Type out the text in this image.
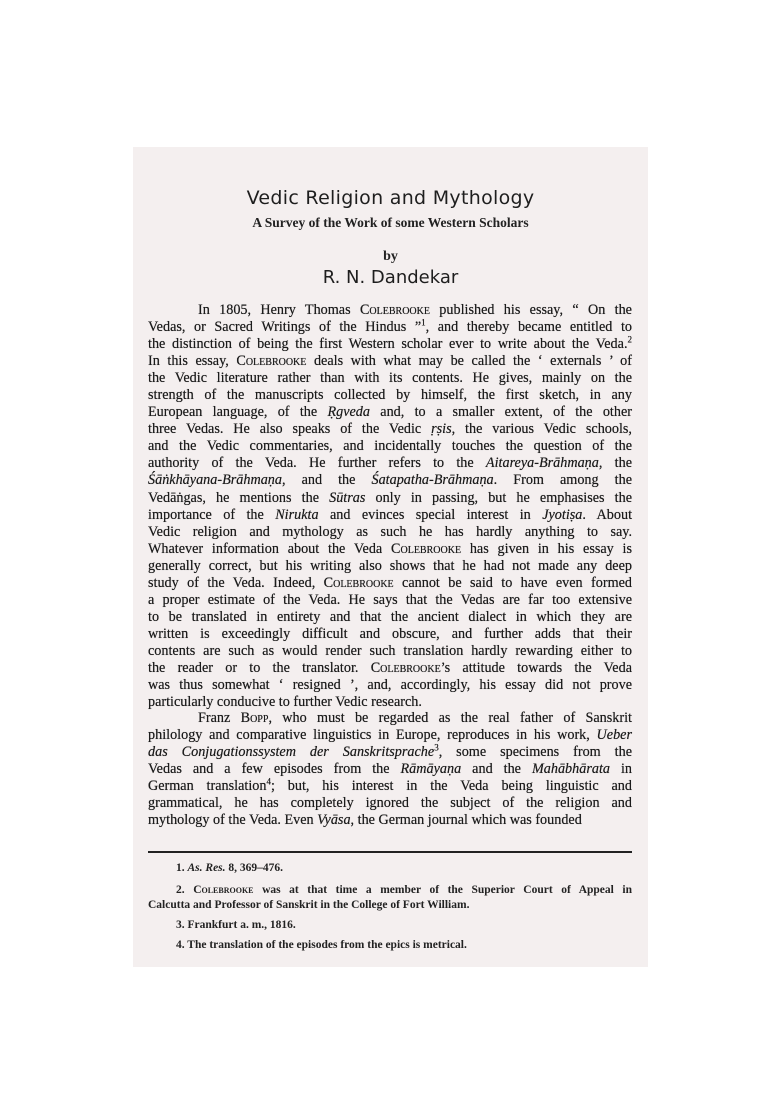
Vedic Religion and Mythology
A Survey of the Work of some Western Scholars
by
R. N. Dandekar
In 1805, Henry Thomas Colebrooke published his essay, “ On the
Vedas, or Sacred Writings of the Hindus ”$^1$, and thereby became entitled to
the distinction of being the first Western scholar ever to write about the Veda.$^2$
In this essay, Colebrooke deals with what may be called the ‘ externals ’ of
the Vedic literature rather than with its contents. He gives, mainly on the
strength of the manuscripts collected by himself, the first sketch, in any
European language, of the Ṛgveda and, to a smaller extent, of the other
three Vedas. He also speaks of the Vedic ṛṣis, the various Vedic schools,
and the Vedic commentaries, and incidentally touches the question of the
authority of the Veda. He further refers to the Aitareya-Brāhmaṇa, the
Śāṅkhāyana-Brāhmaṇa, and the Śatapatha-Brāhmaṇa. From among the
Vedāṅgas, he mentions the Sūtras only in passing, but he emphasises the
importance of the Nirukta and evinces special interest in Jyotiṣa. About
Vedic religion and mythology as such he has hardly anything to say.
Whatever information about the Veda Colebrooke has given in his essay is
generally correct, but his writing also shows that he had not made any deep
study of the Veda. Indeed, Colebrooke cannot be said to have even formed
a proper estimate of the Veda. He says that the Vedas are far too extensive
to be translated in entirety and that the ancient dialect in which they are
written is exceedingly difficult and obscure, and further adds that their
contents are such as would render such translation hardly rewarding either to
the reader or to the translator. Colebrooke’s attitude towards the Veda
was thus somewhat ‘ resigned ’, and, accordingly, his essay did not prove
particularly conducive to further Vedic research.
Franz Bopp, who must be regarded as the real father of Sanskrit
philology and comparative linguistics in Europe, reproduces in his work, Ueber
das Conjugationssystem der Sanskritsprache$^3$, some specimens from the
Vedas and a few episodes from the Rāmāyaṇa and the Mahābhārata in
German translation$^4$; but, his interest in the Veda being linguistic and
grammatical, he has completely ignored the subject of the religion and
mythology of the Veda. Even Vyāsa, the German journal which was founded
1. As. Res. 8, 369–476.
2. Colebrooke was at that time a member of the Superior Court of Appeal in
Calcutta and Professor of Sanskrit in the College of Fort William.
3. Frankfurt a. m., 1816.
4. The translation of the episodes from the epics is metrical.
